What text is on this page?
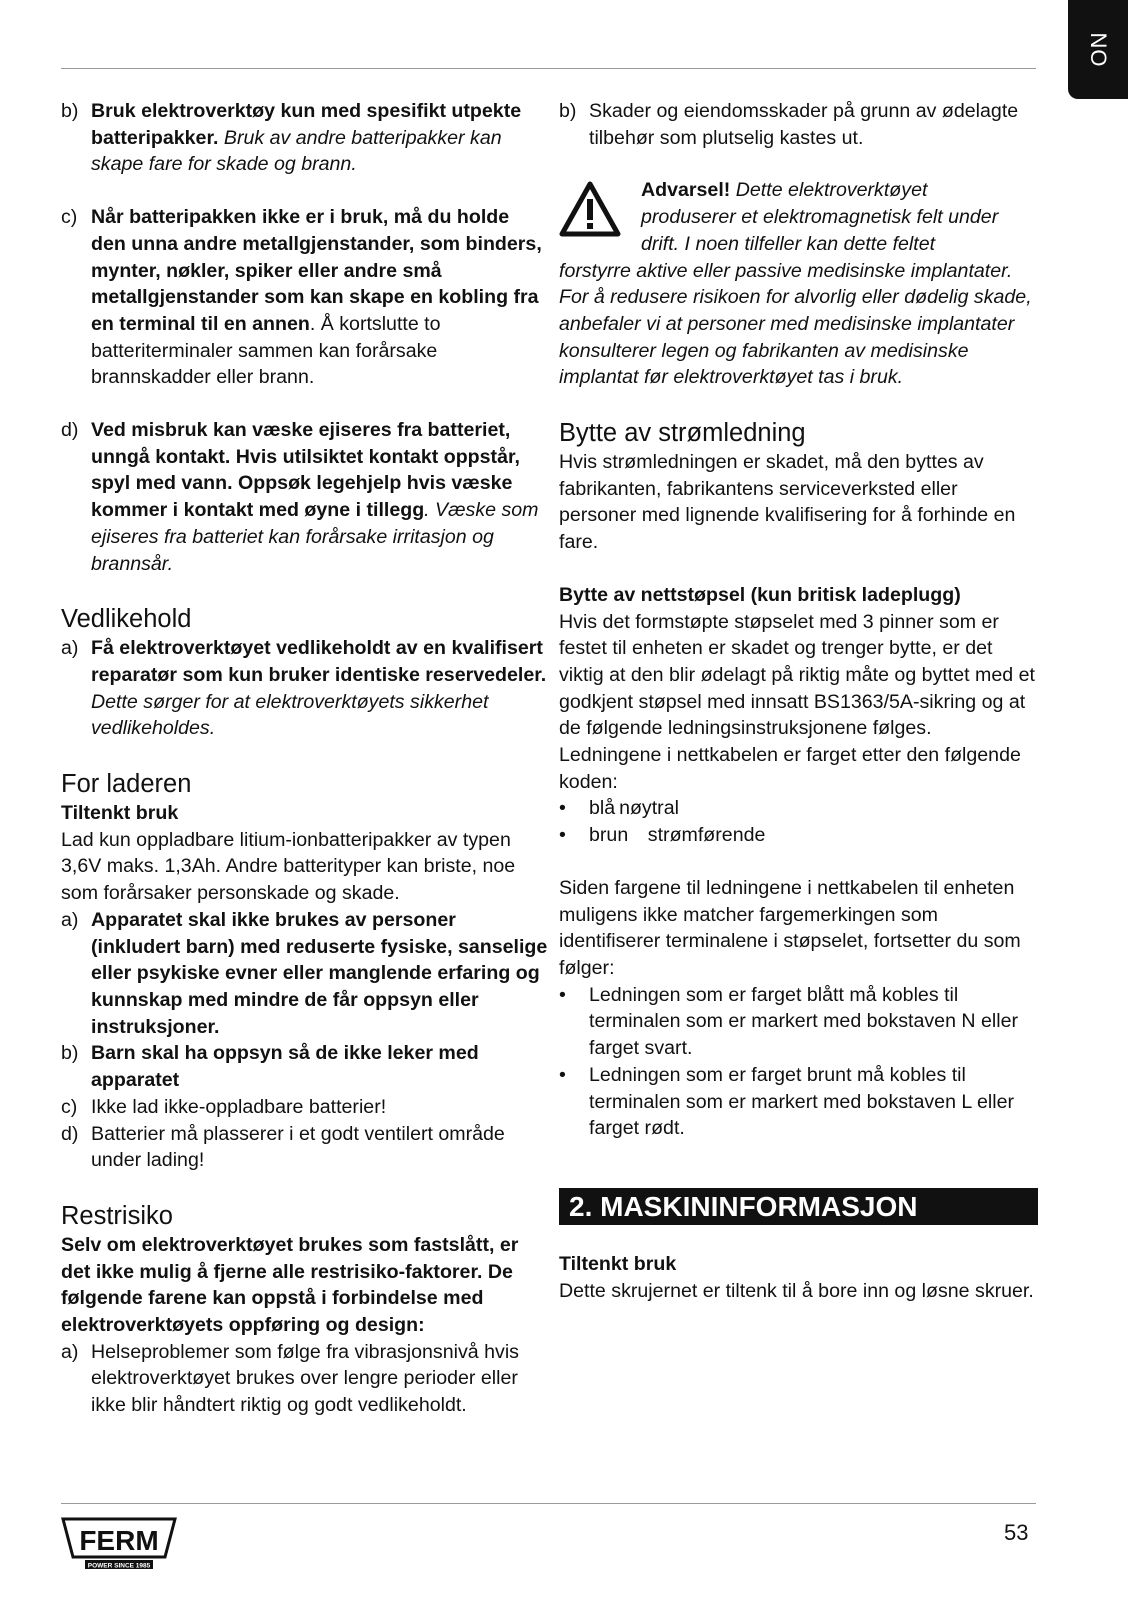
NO
b) Bruk elektroverktøy kun med spesifikt utpekte batteripakker. Bruk av andre batteripakker kan skape fare for skade og brann.
c) Når batteripakken ikke er i bruk, må du holde den unna andre metallgjenstander, som binders, mynter, nøkler, spiker eller andre små metallgjenstander som kan skape en kobling fra en terminal til en annen. Å kortslutte to batteriterminaler sammen kan forårsake brannskadder eller brann.
d) Ved misbruk kan væske ejiseres fra batteriet, unngå kontakt. Hvis utilsiktet kontakt oppstår, spyl med vann. Oppsøk legehjelp hvis væske kommer i kontakt med øyne i tillegg. Væske som ejiseres fra batteriet kan forårsake irritasjon og brannsår.
Vedlikehold
a) Få elektroverktøyet vedlikeholdt av en kvalifisert reparatør som kun bruker identiske reservedeler. Dette sørger for at elektroverktøyets sikkerhet vedlikeholdes.
For laderen
Tiltenkt bruk

Lad kun oppladbare litium-ionbatteripakker av typen 3,6V maks. 1,3Ah. Andre batterityper kan briste, noe som forårsaker personskade og skade.

a) Apparatet skal ikke brukes av personer (inkludert barn) med reduserte fysiske, sanselige eller psykiske evner eller manglende erfaring og kunnskap med mindre de får oppsyn eller instruksjoner.
b) Barn skal ha oppsyn så de ikke leker med apparatet
c) Ikke lad ikke-oppladbare batterier!
d) Batterier må plasserer i et godt ventilert område under lading!
Restrisiko

Selv om elektroverktøyet brukes som fastslått, er det ikke mulig å fjerne alle restrisiko-faktorer. De følgende farene kan oppstå i forbindelse med elektroverktøyets oppføring og design:

a) Helseproblemer som følge fra vibrasjonsnivå hvis elektroverktøyet brukes over lengre perioder eller ikke blir håndtert riktig og godt vedlikeholdt.
b) Skader og eiendomsskader på grunn av ødelagte tilbehør som plutselig kastes ut.

Advarsel! Dette elektroverktøyet
produserer et elektromagnetisk felt under
drift. I noen tilfeller kan dette feltet
forstyrre aktive eller passive medisinske implantater. For å redusere risikoen for alvorlig eller dødelig skade, anbefaler vi at personer med medisinske implantater konsulterer legen og fabrikanten av medisinske implantat før elektroverktøyet tas i bruk.

Bytte av strømledning

Hvis strømledningen er skadet, må den byttes av fabrikanten, fabrikantens serviceverksted eller personer med lignende kvalifisering for å forhinde en fare.

Bytte av nettstøpsel (kun britisk ladeplugg)

Hvis det formstøpte støpselet med 3 pinner som er festet til enheten er skadet og trenger bytte, er det viktig at den blir ødelagt på riktig måte og byttet med et godkjent støpsel med innsatt BS1363/5A-sikring og at de følgende ledningsinstruksjonene følges. Ledningene i nettkabelen er farget etter den følgende koden:

• blå nøytral
• brun strømførende

Siden fargene til ledningene i nettkabelen til enheten muligens ikke matcher fargemerkingen som identifiserer terminalene i støpselet, fortsetter du som følger:

• Ledningen som er farget blått må kobles til terminalen som er markert med bokstaven N eller farget svart.
• Ledningen som er farget brunt må kobles til terminalen som er markert med bokstaven L eller farget rødt.
2. MASKININFORMASJON
Tiltenkt bruk

Dette skrujernet er tiltenk til å bore inn og løsne skruer.

FERM
POWER SINCE 1985
53
